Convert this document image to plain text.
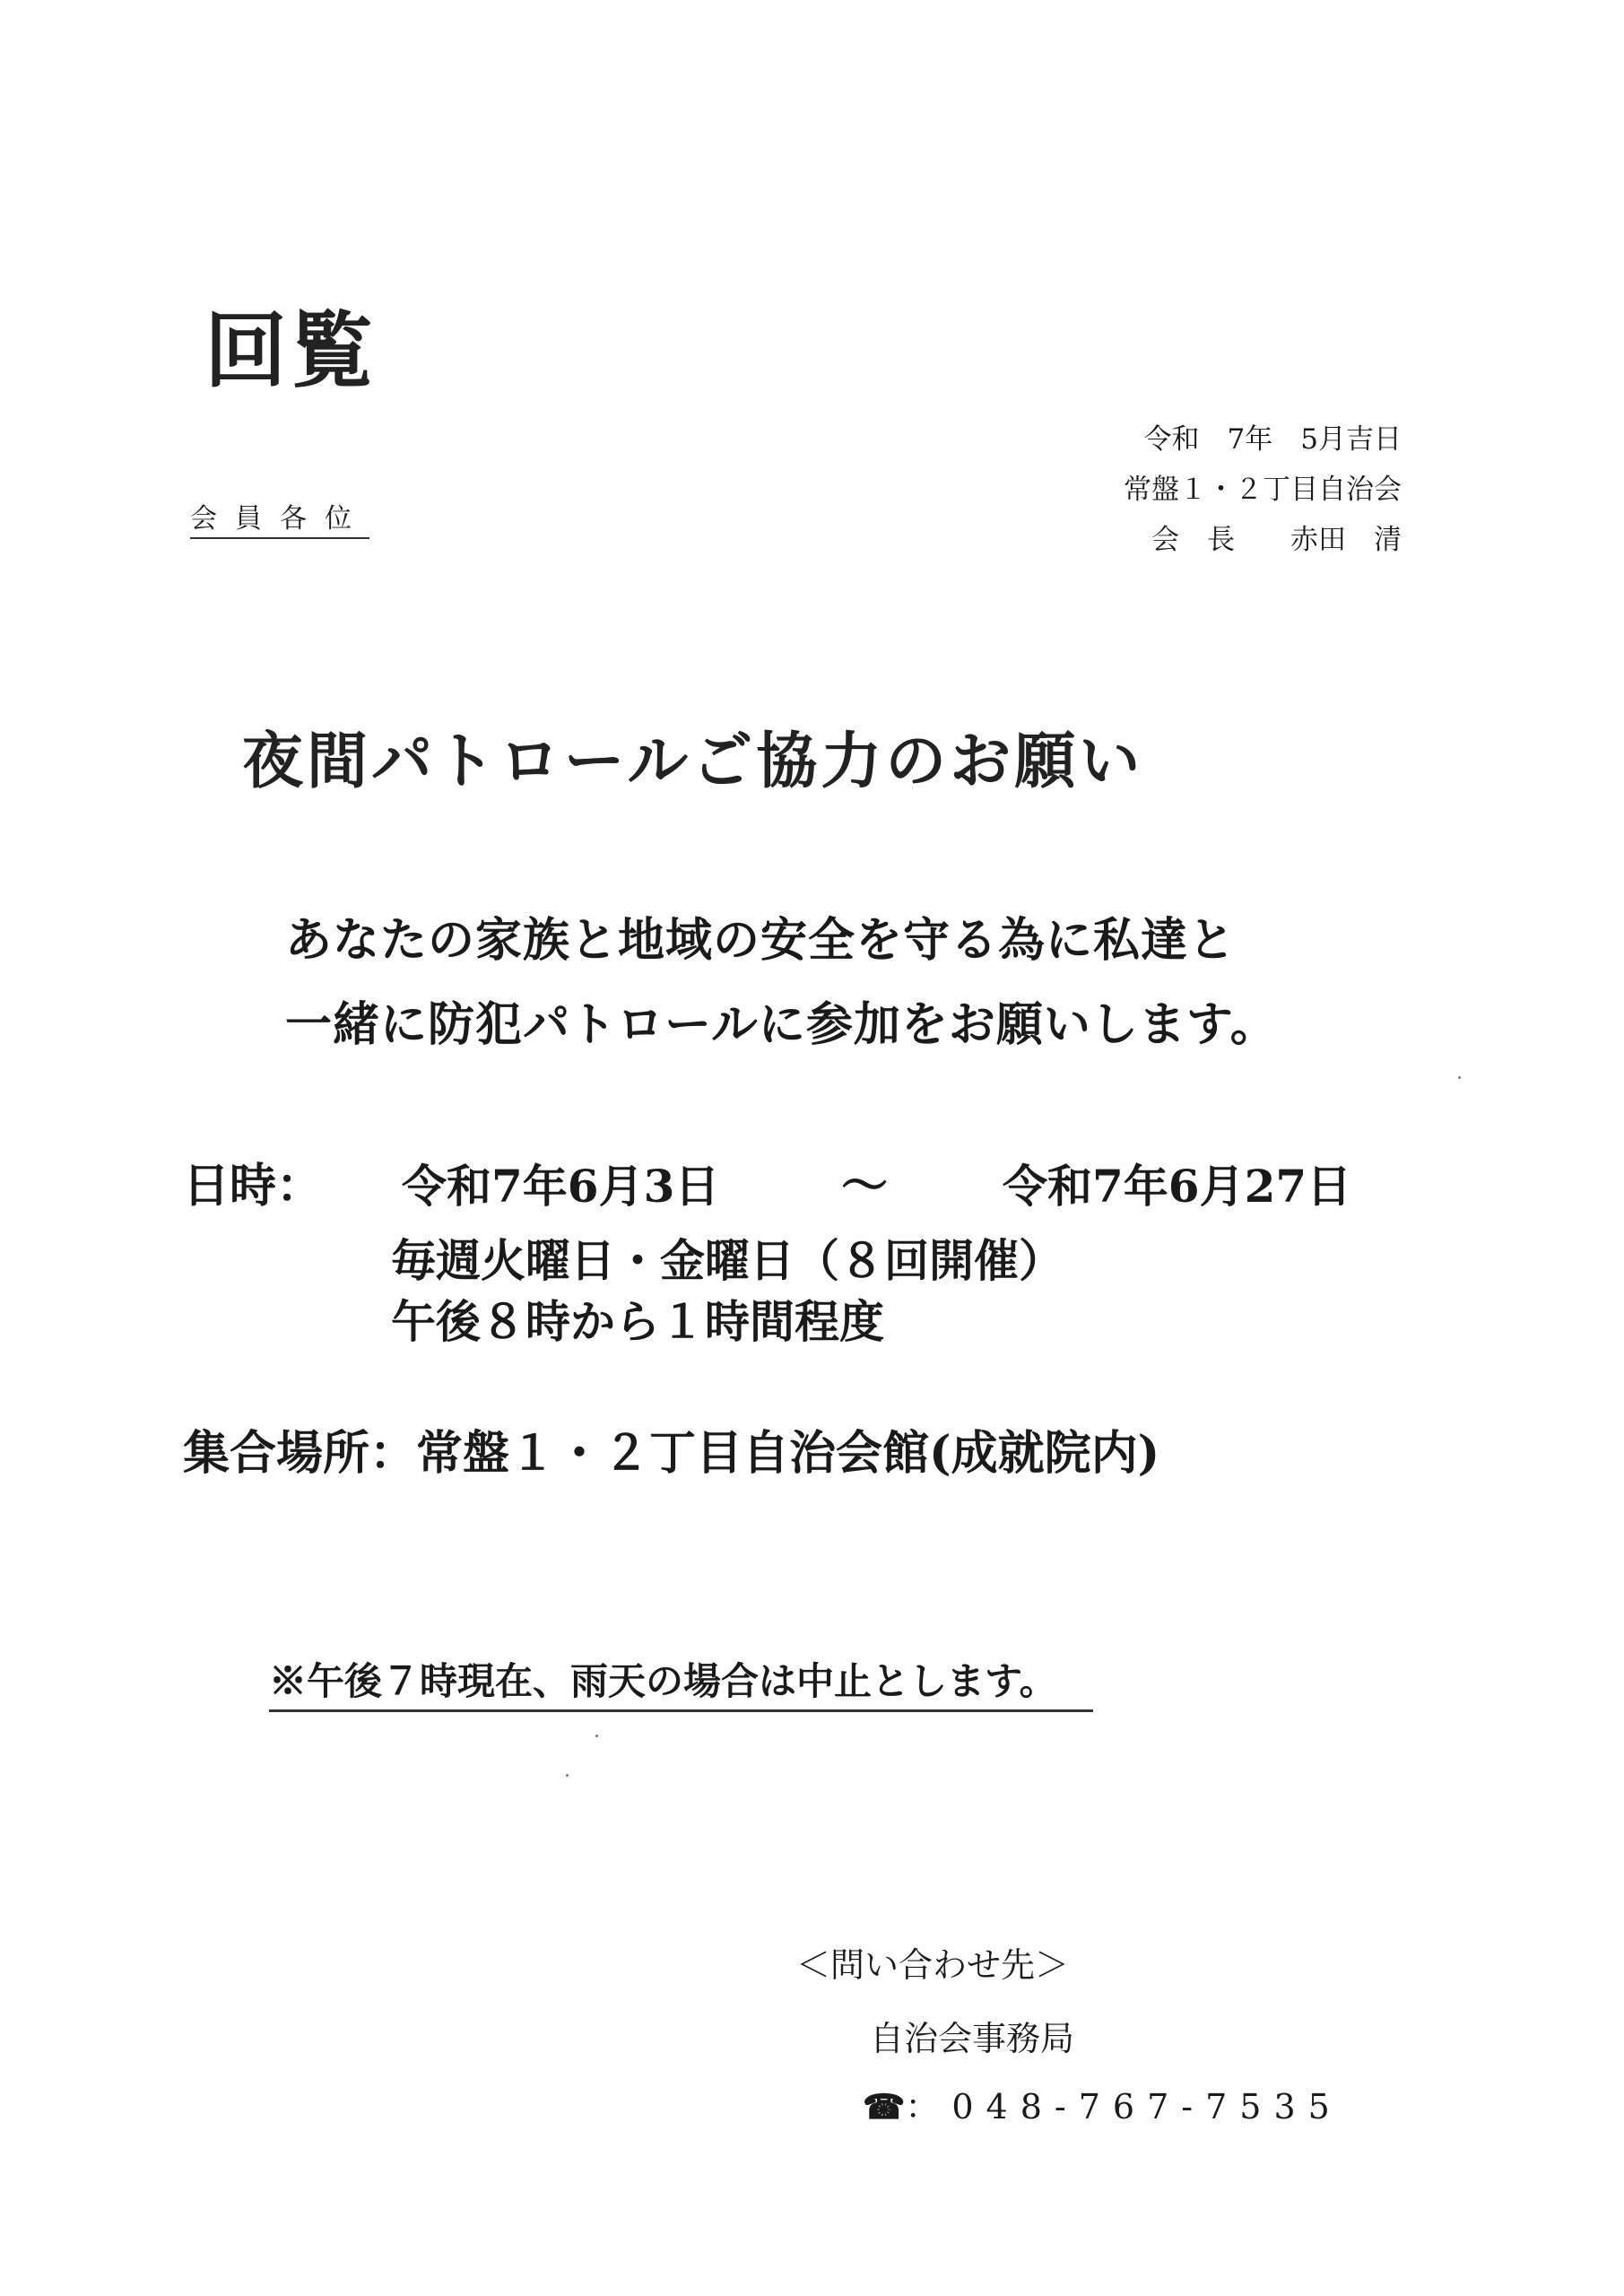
回覧
令和　7年　5月吉日
常盤１・２丁目自治会
会　長　　赤田　清
会員各位
夜間パトロールご協力のお願い
あなたの家族と地域の安全を守る為に私達と
一緒に防犯パトロールに参加をお願いします。
日時： 令和7年6月3日	～	令和7年6月27日
毎週火曜日・金曜日（８回開催）
午後８時から１時間程度
集合場所：常盤１・２丁目自治会館(成就院内)
※午後７時現在、雨天の場合は中止とします。
＜問い合わせ先＞
自治会事務局
☎：048-767-7535
